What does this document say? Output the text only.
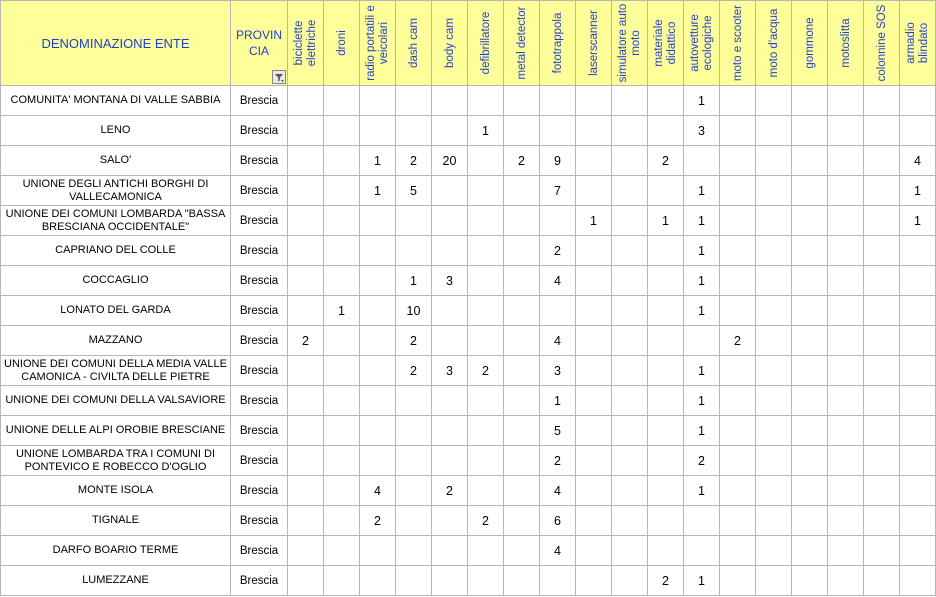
DENOMINAZIONE ENTE	PROVINCIA	biciclette elettriche	droni	radio portatili e veicolari	dash cam	body cam	defibrillatore	metal detector	fototrappola	laserscanner	simulatore auto moto	materiale didattico	autovetture ecologiche	moto e scooter	moto d'acqua	gommone	motoslitta	colonnine SOS	armadio blindato

COMUNITA' MONTANA DI VALLE SABBIA	Brescia												1						
LENO	Brescia						1						3						
SALO'	Brescia			1	2	20		2	9			2							4
UNIONE DEGLI ANTICHI BORGHI DI VALLECAMONICA	Brescia			1	5				7				1						1
UNIONE DEI COMUNI LOMBARDA "BASSA BRESCIANA OCCIDENTALE"	Brescia									1		1	1						1
CAPRIANO DEL COLLE	Brescia								2				1						
COCCAGLIO	Brescia				1	3			4				1						
LONATO DEL GARDA	Brescia		1		10								1						
MAZZANO	Brescia	2			2				4					2					
UNIONE DEI COMUNI DELLA MEDIA VALLE CAMONICA - CIVILTA DELLE PIETRE	Brescia				2	3	2		3				1						
UNIONE DEI COMUNI DELLA VALSAVIORE	Brescia								1				1						
UNIONE DELLE ALPI OROBIE BRESCIANE	Brescia								5				1						
UNIONE LOMBARDA TRA I COMUNI DI PONTEVICO E ROBECCO D'OGLIO	Brescia								2				2						
MONTE ISOLA	Brescia			4		2			4				1						
TIGNALE	Brescia			2			2		6										
DARFO BOARIO TERME	Brescia								4										
LUMEZZANE	Brescia											2	1						
